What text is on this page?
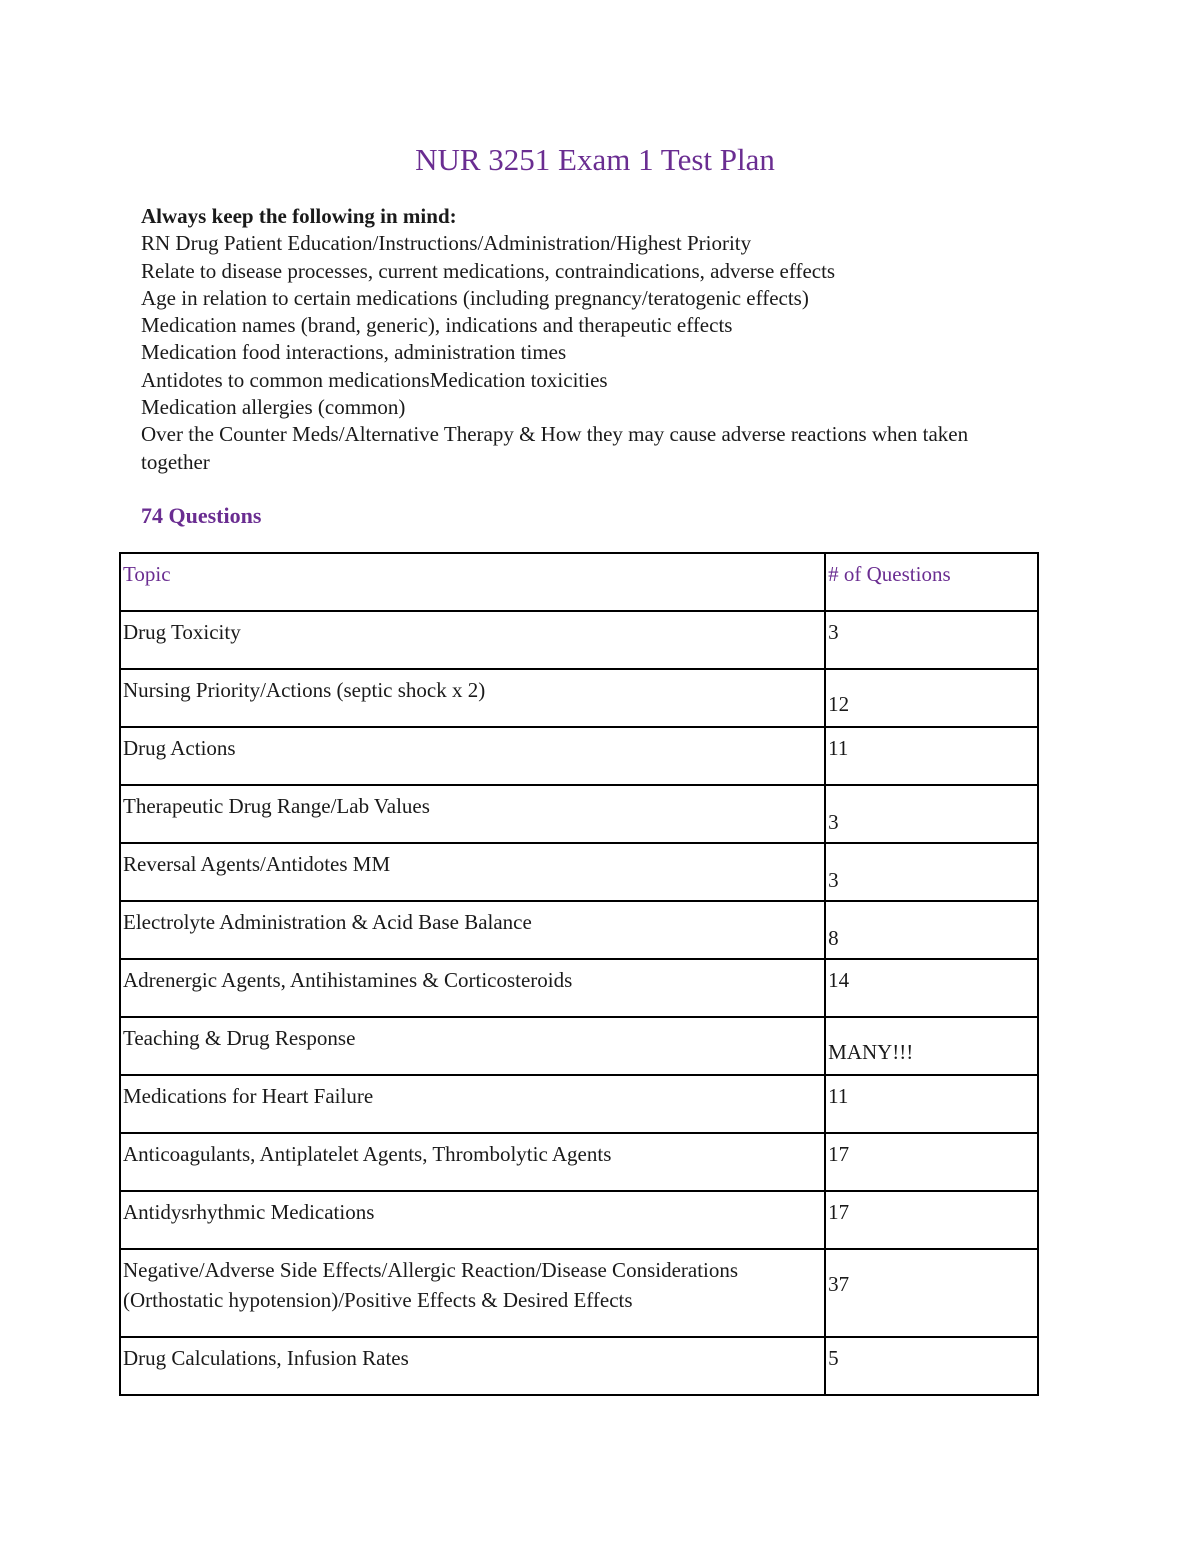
NUR 3251 Exam 1 Test Plan
Always keep the following in mind:
RN Drug Patient Education/Instructions/Administration/Highest Priority
Relate to disease processes, current medications, contraindications, adverse effects
Age in relation to certain medications (including pregnancy/teratogenic effects)
Medication names (brand, generic), indications and therapeutic effects
Medication food interactions, administration times
Antidotes to common medicationsMedication toxicities
Medication allergies (common)
Over the Counter Meds/Alternative Therapy & How they may cause adverse reactions when taken together
74 Questions
Topic	# of Questions
Drug Toxicity	3
Nursing Priority/Actions (septic shock x 2)	12

Drug Actions	11
Therapeutic Drug Range/Lab Values	3

Reversal Agents/Antidotes MM	3

Electrolyte Administration & Acid Base Balance	8

Adrenergic Agents, Antihistamines & Corticosteroids	14
Teaching & Drug Response	MANY!!!

Medications for Heart Failure	11
Anticoagulants, Antiplatelet Agents, Thrombolytic Agents	17
Antidysrhythmic Medications	17
Negative/Adverse Side Effects/Allergic Reaction/Disease Considerations (Orthostatic hypotension)/Positive Effects & Desired Effects	37

Drug Calculations, Infusion Rates	5
